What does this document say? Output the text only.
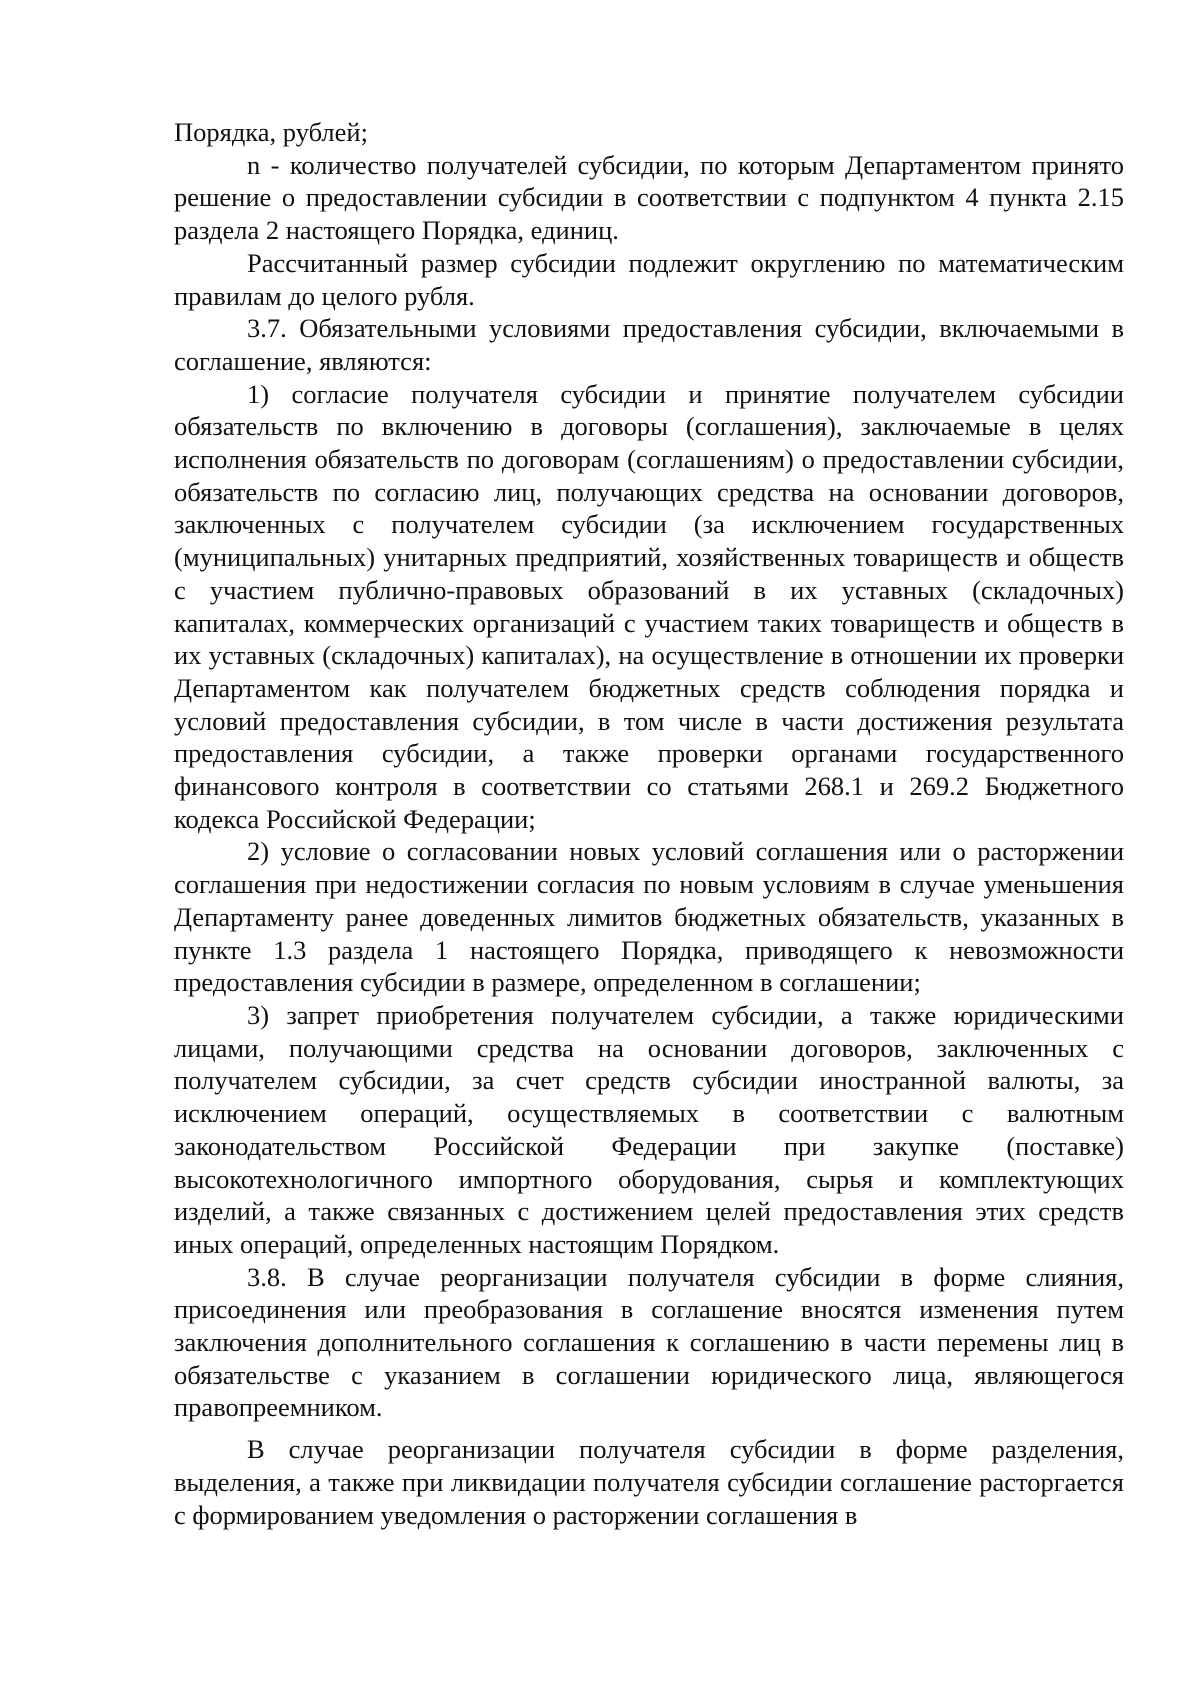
Порядка, рублей;

n - количество получателей субсидии, по которым Департаментом принято решение о предоставлении субсидии в соответствии с подпунктом 4 пункта 2.15 раздела 2 настоящего Порядка, единиц.

Рассчитанный размер субсидии подлежит округлению по математическим правилам до целого рубля.

3.7. Обязательными условиями предоставления субсидии, включаемыми в соглашение, являются:

1) согласие получателя субсидии и принятие получателем субсидии обязательств по включению в договоры (соглашения), заключаемые в целях исполнения обязательств по договорам (соглашениям) о предоставлении субсидии, обязательств по согласию лиц, получающих средства на основании договоров, заключенных с получателем субсидии (за исключением государственных (муниципальных) унитарных предприятий, хозяйственных товариществ и обществ с участием публично-правовых образований в их уставных (складочных) капиталах, коммерческих организаций с участием таких товариществ и обществ в их уставных (складочных) капиталах), на осуществление в отношении их проверки Департаментом как получателем бюджетных средств соблюдения порядка и условий предоставления субсидии, в том числе в части достижения результата предоставления субсидии, а также проверки органами государственного финансового контроля в соответствии со статьями 268.1 и 269.2 Бюджетного кодекса Российской Федерации;

2) условие о согласовании новых условий соглашения или о расторжении соглашения при недостижении согласия по новым условиям в случае уменьшения Департаменту ранее доведенных лимитов бюджетных обязательств, указанных в пункте 1.3 раздела 1 настоящего Порядка, приводящего к невозможности предоставления субсидии в размере, определенном в соглашении;

3) запрет приобретения получателем субсидии, а также юридическими лицами, получающими средства на основании договоров, заключенных с получателем субсидии, за счет средств субсидии иностранной валюты, за исключением операций, осуществляемых в соответствии с валютным законодательством Российской Федерации при закупке (поставке) высокотехнологичного импортного оборудования, сырья и комплектующих изделий, а также связанных с достижением целей предоставления этих средств иных операций, определенных настоящим Порядком.

3.8. В случае реорганизации получателя субсидии в форме слияния, присоединения или преобразования в соглашение вносятся изменения путем заключения дополнительного соглашения к соглашению в части перемены лиц в обязательстве с указанием в соглашении юридического лица, являющегося правопреемником.

В случае реорганизации получателя субсидии в форме разделения, выделения, а также при ликвидации получателя субсидии соглашение расторгается с формированием уведомления о расторжении соглашения в
